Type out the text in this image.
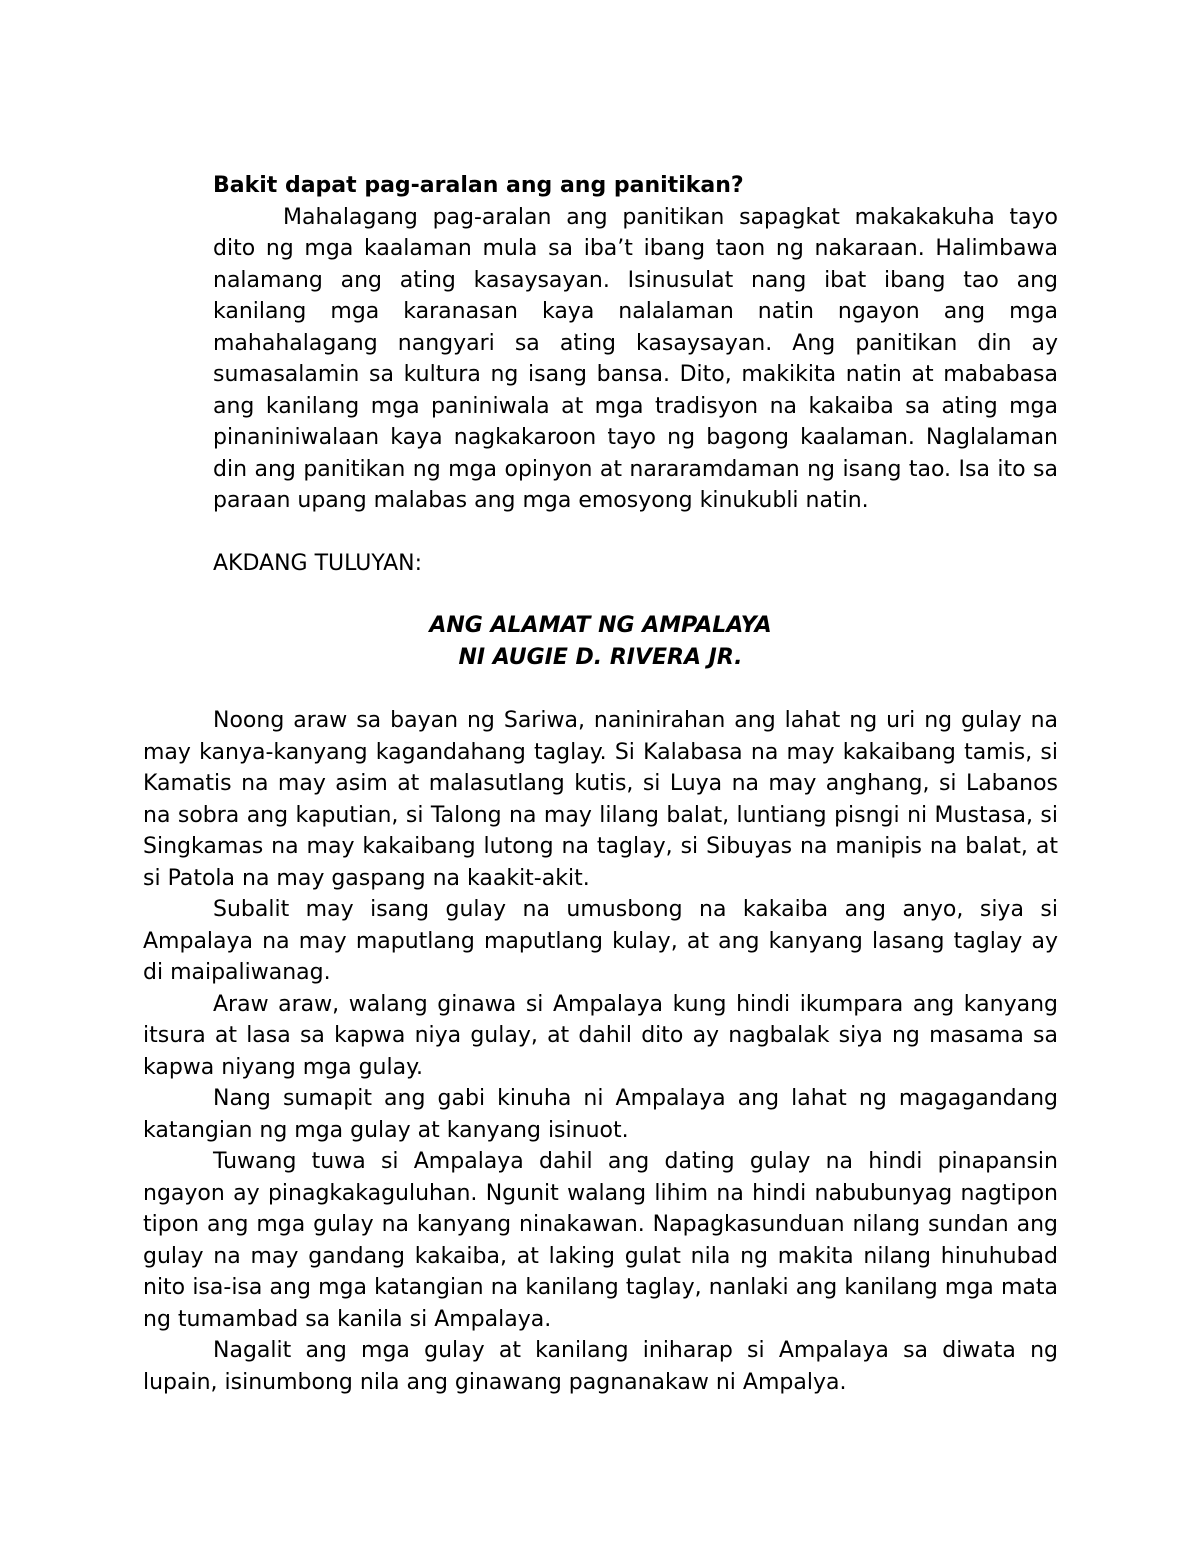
Bakit dapat pag-aralan ang ang panitikan?

Mahalagang pag-aralan ang panitikan sapagkat makakakuha tayo dito ng mga kaalaman mula sa iba’t ibang taon ng nakaraan. Halimbawa nalamang ang ating kasaysayan. Isinusulat nang ibat ibang tao ang kanilang mga karanasan kaya nalalaman natin ngayon ang mga mahahalagang nangyari sa ating kasaysayan. Ang panitikan din ay sumasalamin sa kultura ng isang bansa. Dito, makikita natin at mababasa ang kanilang mga paniniwala at mga tradisyon na kakaiba sa ating mga pinaniniwalaan kaya nagkakaroon tayo ng bagong kaalaman. Naglalaman din ang panitikan ng mga opinyon at nararamdaman ng isang tao. Isa ito sa paraan upang malabas ang mga emosyong kinukubli natin.

AKDANG TULUYAN:

ANG ALAMAT NG AMPALAYA

NI AUGIE D. RIVERA JR.

Noong araw sa bayan ng Sariwa, naninirahan ang lahat ng uri ng gulay na may kanya-kanyang kagandahang taglay. Si Kalabasa na may kakaibang tamis, si Kamatis na may asim at malasutlang kutis, si Luya na may anghang, si Labanos na sobra ang kaputian, si Talong na may lilang balat, luntiang pisngi ni Mustasa, si Singkamas na may kakaibang lutong na taglay, si Sibuyas na manipis na balat, at si Patola na may gaspang na kaakit-akit.

Subalit may isang gulay na umusbong na kakaiba ang anyo, siya si Ampalaya na may maputlang maputlang kulay, at ang kanyang lasang taglay ay di maipaliwanag.

Araw araw, walang ginawa si Ampalaya kung hindi ikumpara ang kanyang itsura at lasa sa kapwa niya gulay, at dahil dito ay nagbalak siya ng masama sa kapwa niyang mga gulay.

Nang sumapit ang gabi kinuha ni Ampalaya ang lahat ng magagandang katangian ng mga gulay at kanyang isinuot.

Tuwang tuwa si Ampalaya dahil ang dating gulay na hindi pinapansin ngayon ay pinagkakaguluhan. Ngunit walang lihim na hindi nabubunyag nagtipon tipon ang mga gulay na kanyang ninakawan. Napagkasunduan nilang sundan ang gulay na may gandang kakaiba, at laking gulat nila ng makita nilang hinuhubad nito isa-isa ang mga katangian na kanilang taglay, nanlaki ang kanilang mga mata ng tumambad sa kanila si Ampalaya.

Nagalit ang mga gulay at kanilang iniharap si Ampalaya sa diwata ng lupain, isinumbong nila ang ginawang pagnanakaw ni Ampalya.
